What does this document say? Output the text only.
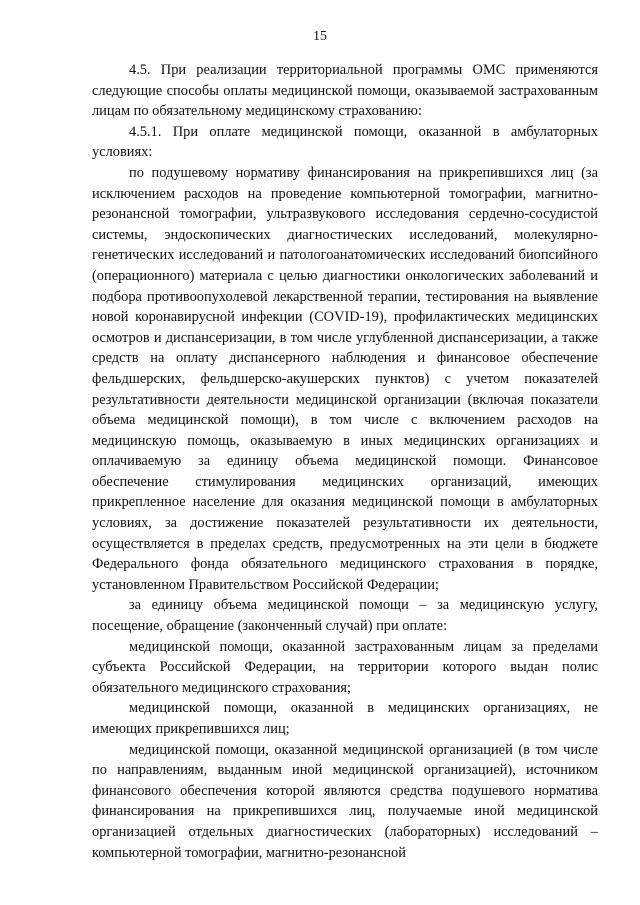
15

4.5. При реализации территориальной программы ОМС применяются следующие способы оплаты медицинской помощи, оказываемой застрахованным лицам по обязательному медицинскому страхованию:

4.5.1. При оплате медицинской помощи, оказанной в амбулаторных условиях:

по подушевому нормативу финансирования на прикрепившихся лиц (за исключением расходов на проведение компьютерной томографии, магнитно-резонансной томографии, ультразвукового исследования сердечно-сосудистой системы, эндоскопических диагностических исследований, молекулярно-генетических исследований и патологоанатомических исследований биопсийного (операционного) материала с целью диагностики онкологических заболеваний и подбора противоопухолевой лекарственной терапии, тестирования на выявление новой коронавирусной инфекции (COVID-19), профилактических медицинских осмотров и диспансеризации, в том числе углубленной диспансеризации, а также средств на оплату диспансерного наблюдения и финансовое обеспечение фельдшерских, фельдшерско-акушерских пунктов) с учетом показателей результативности деятельности медицинской организации (включая показатели объема медицинской помощи), в том числе с включением расходов на медицинскую помощь, оказываемую в иных медицинских организациях и оплачиваемую за единицу объема медицинской помощи. Финансовое обеспечение стимулирования медицинских организаций, имеющих прикрепленное население для оказания медицинской помощи в амбулаторных условиях, за достижение показателей результативности их деятельности, осуществляется в пределах средств, предусмотренных на эти цели в бюджете Федерального фонда обязательного медицинского страхования в порядке, установленном Правительством Российской Федерации;

за единицу объема медицинской помощи – за медицинскую услугу, посещение, обращение (законченный случай) при оплате:

медицинской помощи, оказанной застрахованным лицам за пределами субъекта Российской Федерации, на территории которого выдан полис обязательного медицинского страхования;

медицинской помощи, оказанной в медицинских организациях, не имеющих прикрепившихся лиц;

медицинской помощи, оказанной медицинской организацией (в том числе по направлениям, выданным иной медицинской организацией), источником финансового обеспечения которой являются средства подушевого норматива финансирования на прикрепившихся лиц, получаемые иной медицинской организацией отдельных диагностических (лабораторных) исследований – компьютерной томографии, магнитно-резонансной
